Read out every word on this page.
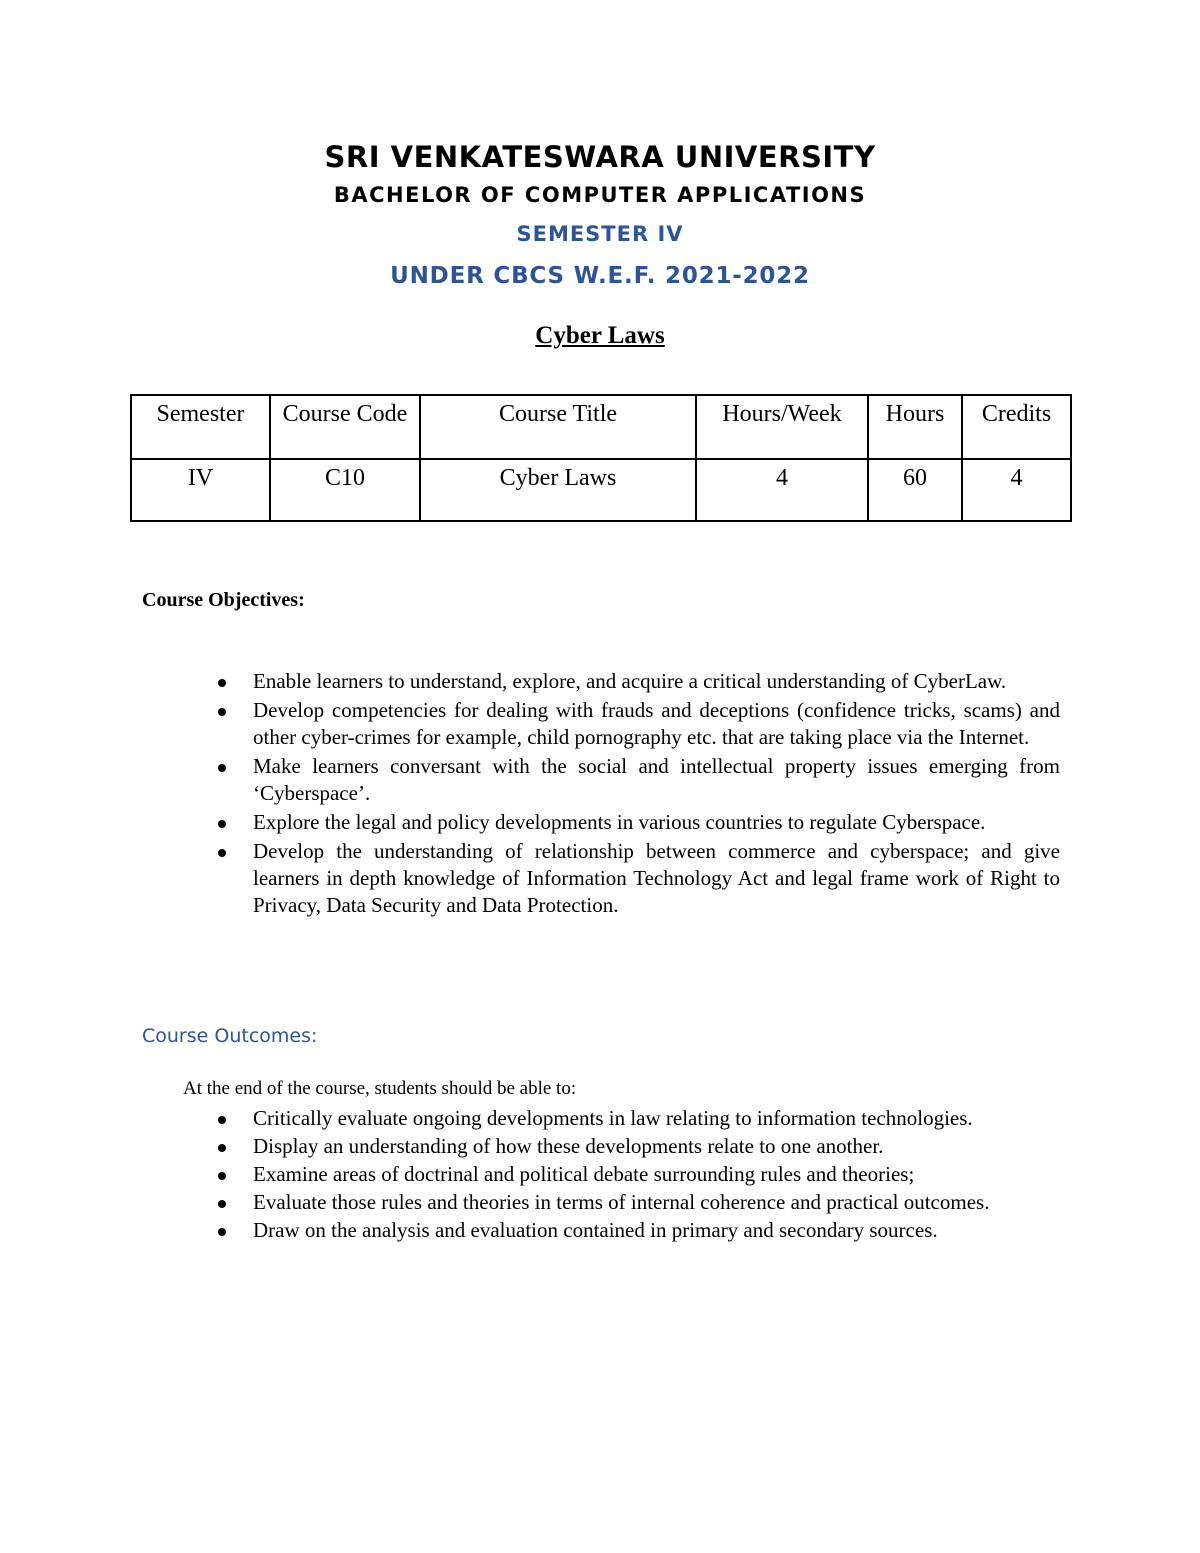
SRI VENKATESWARA UNIVERSITY
BACHELOR OF COMPUTER APPLICATIONS
SEMESTER IV
UNDER CBCS W.E.F. 2021-2022
Cyber Laws
Semester	Course Code	Course Title	Hours/Week	Hours	Credits
IV	C10	Cyber Laws	4	60	4
Course Objectives:
Enable learners to understand, explore, and acquire a critical understanding of CyberLaw.
Develop competencies for dealing with frauds and deceptions (confidence tricks, scams) and other cyber-crimes for example, child pornography etc. that are taking place via the Internet.
Make learners conversant with the social and intellectual property issues emerging from ‘Cyberspace’.
Explore the legal and policy developments in various countries to regulate Cyberspace.
Develop the understanding of relationship between commerce and cyberspace; and give learners in depth knowledge of Information Technology Act and legal frame work of Right to Privacy, Data Security and Data Protection.
Course Outcomes:
At the end of the course, students should be able to:
Critically evaluate ongoing developments in law relating to information technologies.
Display an understanding of how these developments relate to one another.
Examine areas of doctrinal and political debate surrounding rules and theories;
Evaluate those rules and theories in terms of internal coherence and practical outcomes.
Draw on the analysis and evaluation contained in primary and secondary sources.
